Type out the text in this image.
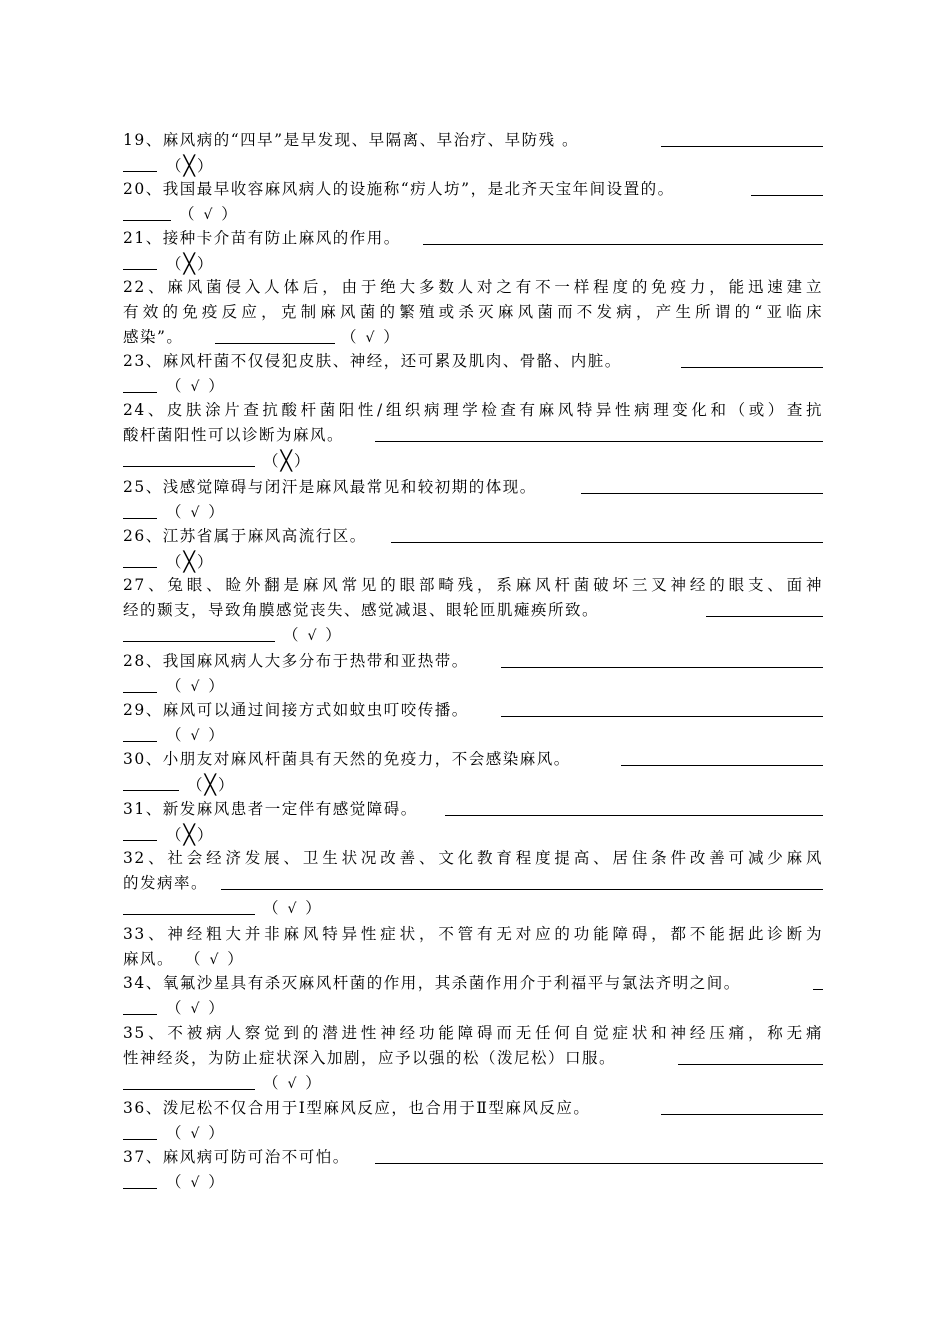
19、麻风病的“四早”是早发现、早隔离、早治疗、早防残 。
（╳）
20、我国最早收容麻风病人的设施称“疠人坊”，是北齐天宝年间设置的。
（ √ ）
21、接种卡介苗有防止麻风的作用。
（╳）
22、麻风菌侵入人体后，由于绝大多数人对之有不一样程度的免疫力，能迅速建立
有效的免疫反应，克制麻风菌的繁殖或杀灭麻风菌而不发病，产生所谓的“亚临床
感染”。	（ √ ）
23、麻风杆菌不仅侵犯皮肤、神经，还可累及肌肉、骨骼、内脏。
（ √ ）
24、皮肤涂片查抗酸杆菌阳性/组织病理学检查有麻风特异性病理变化和（或）查抗
酸杆菌阳性可以诊断为麻风。
（╳）
25、浅感觉障碍与闭汗是麻风最常见和较初期的体现。
（ √ ）
26、江苏省属于麻风高流行区。
（╳）
27、兔眼、睑外翻是麻风常见的眼部畸残，系麻风杆菌破坏三叉神经的眼支、面神
经的颞支，导致角膜感觉丧失、感觉减退、眼轮匝肌瘫痪所致。
（ √ ）
28、我国麻风病人大多分布于热带和亚热带。
（ √ ）
29、麻风可以通过间接方式如蚊虫叮咬传播。
（ √ ）
30、小朋友对麻风杆菌具有天然的免疫力，不会感染麻风。
（╳）
31、新发麻风患者一定伴有感觉障碍。
（╳）
32、社会经济发展、卫生状况改善、文化教育程度提高、居住条件改善可减少麻风
的发病率。
（ √ ）
33、神经粗大并非麻风特异性症状，不管有无对应的功能障碍，都不能据此诊断为
麻风。 （ √ ）
34、氧氟沙星具有杀灭麻风杆菌的作用，其杀菌作用介于利福平与氯法齐明之间。
（ √ ）
35、不被病人察觉到的潜进性神经功能障碍而无任何自觉症状和神经压痛，称无痛
性神经炎，为防止症状深入加剧，应予以强的松（泼尼松）口服。
（ √ ）
36、泼尼松不仅合用于Ⅰ型麻风反应，也合用于Ⅱ型麻风反应。
（ √ ）
37、麻风病可防可治不可怕。
（ √ ）
